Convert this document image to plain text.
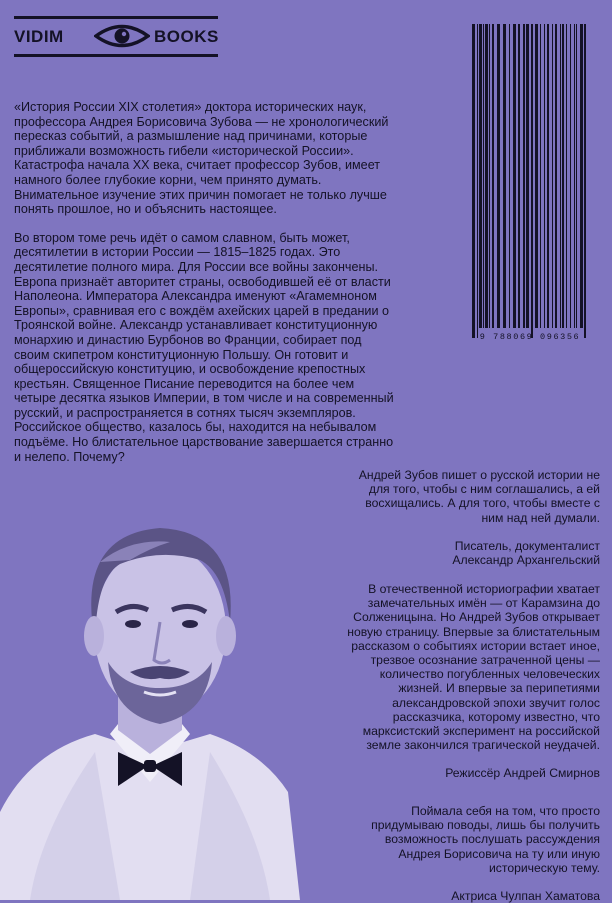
VIDIM	BOOKS
9 788069 096356

«История России XIX столетия» доктора исторических наук, профессора Андрея Борисовича Зубова — не хронологический пересказ событий, а размышление над причинами, которые приближали возможность гибели «исторической России». Катастрофа начала XX века, считает профессор Зубов, имеет намного более глубокие корни, чем принято думать. Внимательное изучение этих причин помогает не только лучше понять прошлое, но и объяснить настоящее.

Во втором томе речь идёт о самом славном, быть может, десятилетии в истории России — 1815–1825 годах. Это десятилетие полного мира. Для России все войны закончены. Европа признаёт авторитет страны, освободившей её от власти Наполеона. Императора Александра именуют «Агамемноном Европы», сравнивая его с вождём ахейских царей в предании о Троянской войне. Александр устанавливает конституционную монархию и династию Бурбонов во Франции, собирает под своим скипетром конституционную Польшу. Он готовит и общероссийскую конституцию, и освобождение крепостных крестьян. Священное Писание переводится на более чем четыре десятка языков Империи, в том числе и на современный русский, и распространяется в сотнях тысяч экземпляров. Российское общество, казалось бы, находится на небывалом подъёме. Но блистательное царствование завершается странно и нелепо. Почему?

Андрей Зубов пишет о русской истории не для того, чтобы с ним соглашались, а ей восхищались. А для того, чтобы вместе с ним над ней думали.

Писатель, документалист

Александр Архангельский

В отечественной историографии хватает замечательных имён — от Карамзина до Солженицына. Но Андрей Зубов открывает новую страницу. Впервые за блистательным рассказом о событиях истории встает иное, трезвое осознание затраченной цены — количество погубленных человеческих жизней. И впервые за перипетиями александровской эпохи звучит голос рассказчика, которому известно, что марксистский эксперимент на российской земле закончился трагической неудачей.

Режиссёр Андрей Смирнов

Поймала себя на том, что просто придумываю поводы, лишь бы получить возможность послушать рассуждения Андрея Борисовича на ту или иную историческую тему.

Актриса Чулпан Хаматова
